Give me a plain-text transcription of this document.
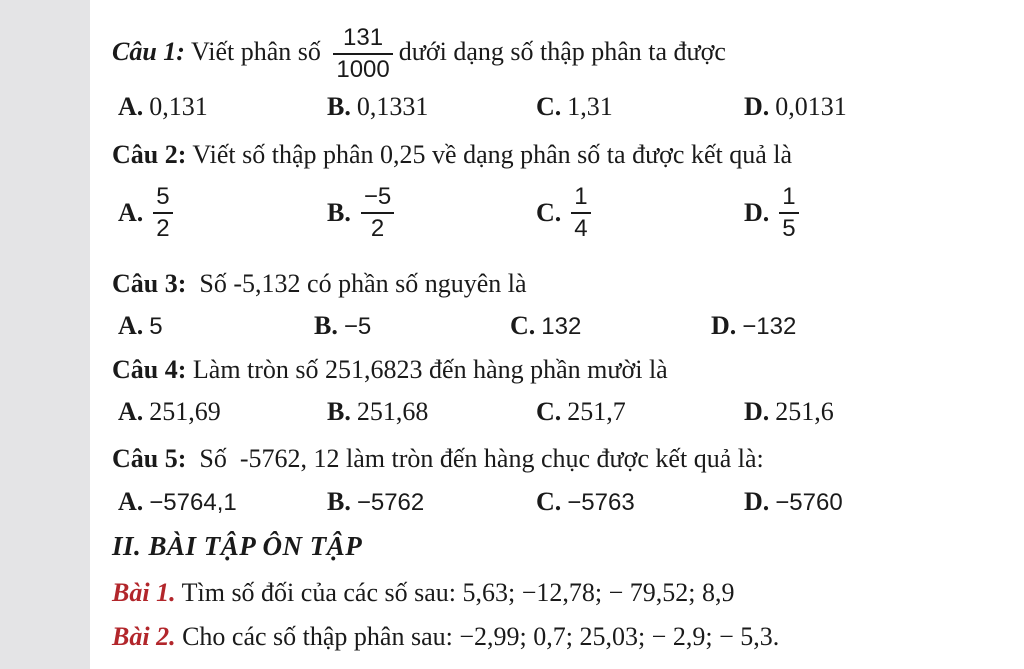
Câu 1: Viết phân số $\frac{131}{1000}$ dưới dạng số thập phân ta được
A. 0,131	B. 0,1331	C. 1,31	D. 0,0131
Câu 2: Viết số thập phân 0,25 về dạng phân số ta được kết quả là
A. $\frac{5}{2}$	B. $\frac{-5}{2}$	C. $\frac{1}{4}$	D. $\frac{1}{5}$
Câu 3:  Số -5,132 có phần số nguyên là
A. 5	B. −5	C. 132	D. −132
Câu 4: Làm tròn số 251,6823 đến hàng phần mười là
A. 251,69	B. 251,68	C. 251,7	D. 251,6
Câu 5:  Số  -5762, 12 làm tròn đến hàng chục được kết quả là:
A. −5764,1	B. −5762	C. −5763	D. −5760
II. BÀI TẬP ÔN TẬP
Bài 1. Tìm số đối của các số sau: 5,63; −12,78; − 79,52; 8,9
Bài 2. Cho các số thập phân sau: −2,99; 0,7; 25,03; − 2,9; − 5,3.
